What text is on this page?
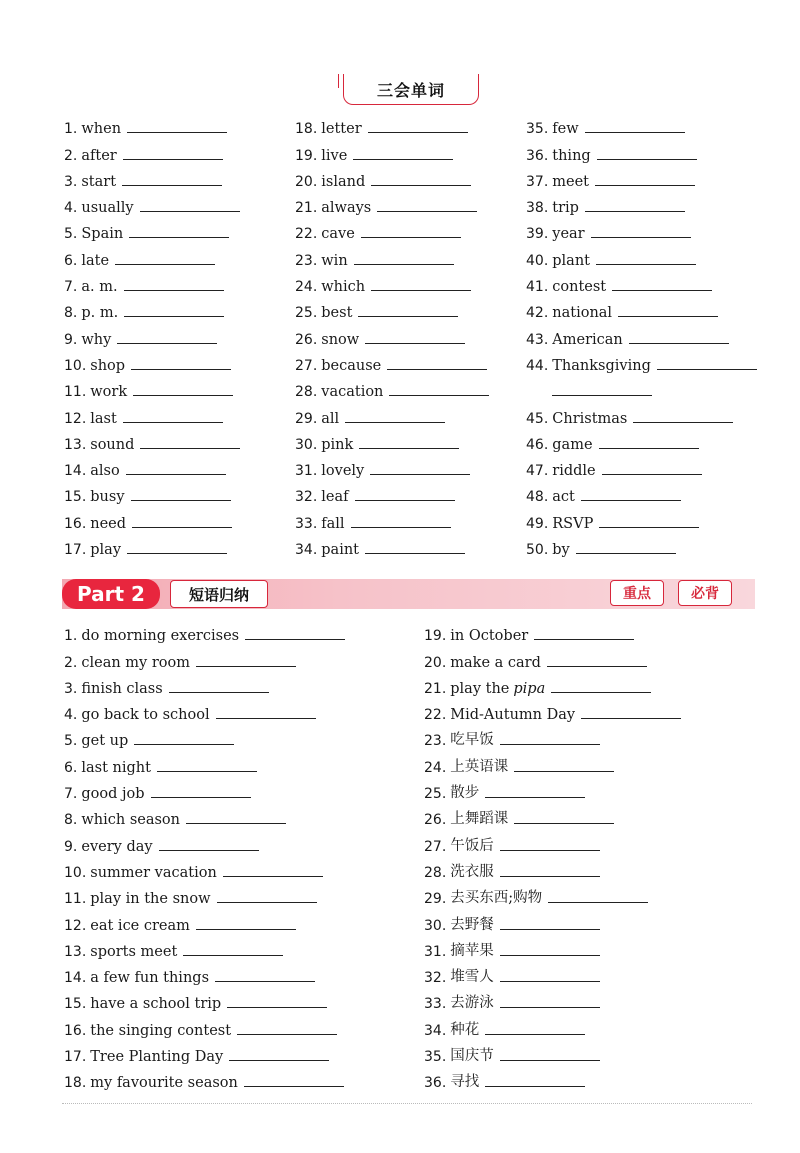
三会单词
1. when
2. after
3. start
4. usually
5. Spain
6. late
7. a. m.
8. p. m.
9. why
10. shop
11. work
12. last
13. sound
14. also
15. busy
16. need
17. play
18. letter
19. live
20. island
21. always
22. cave
23. win
24. which
25. best
26. snow
27. because
28. vacation
29. all
30. pink
31. lovely
32. leaf
33. fall
34. paint
35. few
36. thing
37. meet
38. trip
39. year
40. plant
41. contest
42. national
43. American
44. Thanksgiving
45. Christmas
46. game
47. riddle
48. act
49. RSVP
50. by
Part 2	短语归纳	重点	必背
1. do morning exercises
2. clean my room
3. finish class
4. go back to school
5. get up
6. last night
7. good job
8. which season
9. every day
10. summer vacation
11. play in the snow
12. eat ice cream
13. sports meet
14. a few fun things
15. have a school trip
16. the singing contest
17. Tree Planting Day
18. my favourite season
19. in October
20. make a card
21. play the pipa
22. Mid-Autumn Day
23. 吃早饭
24. 上英语课
25. 散步
26. 上舞蹈课
27. 午饭后
28. 洗衣服
29. 去买东西;购物
30. 去野餐
31. 摘苹果
32. 堆雪人
33. 去游泳
34. 种花
35. 国庆节
36. 寻找
